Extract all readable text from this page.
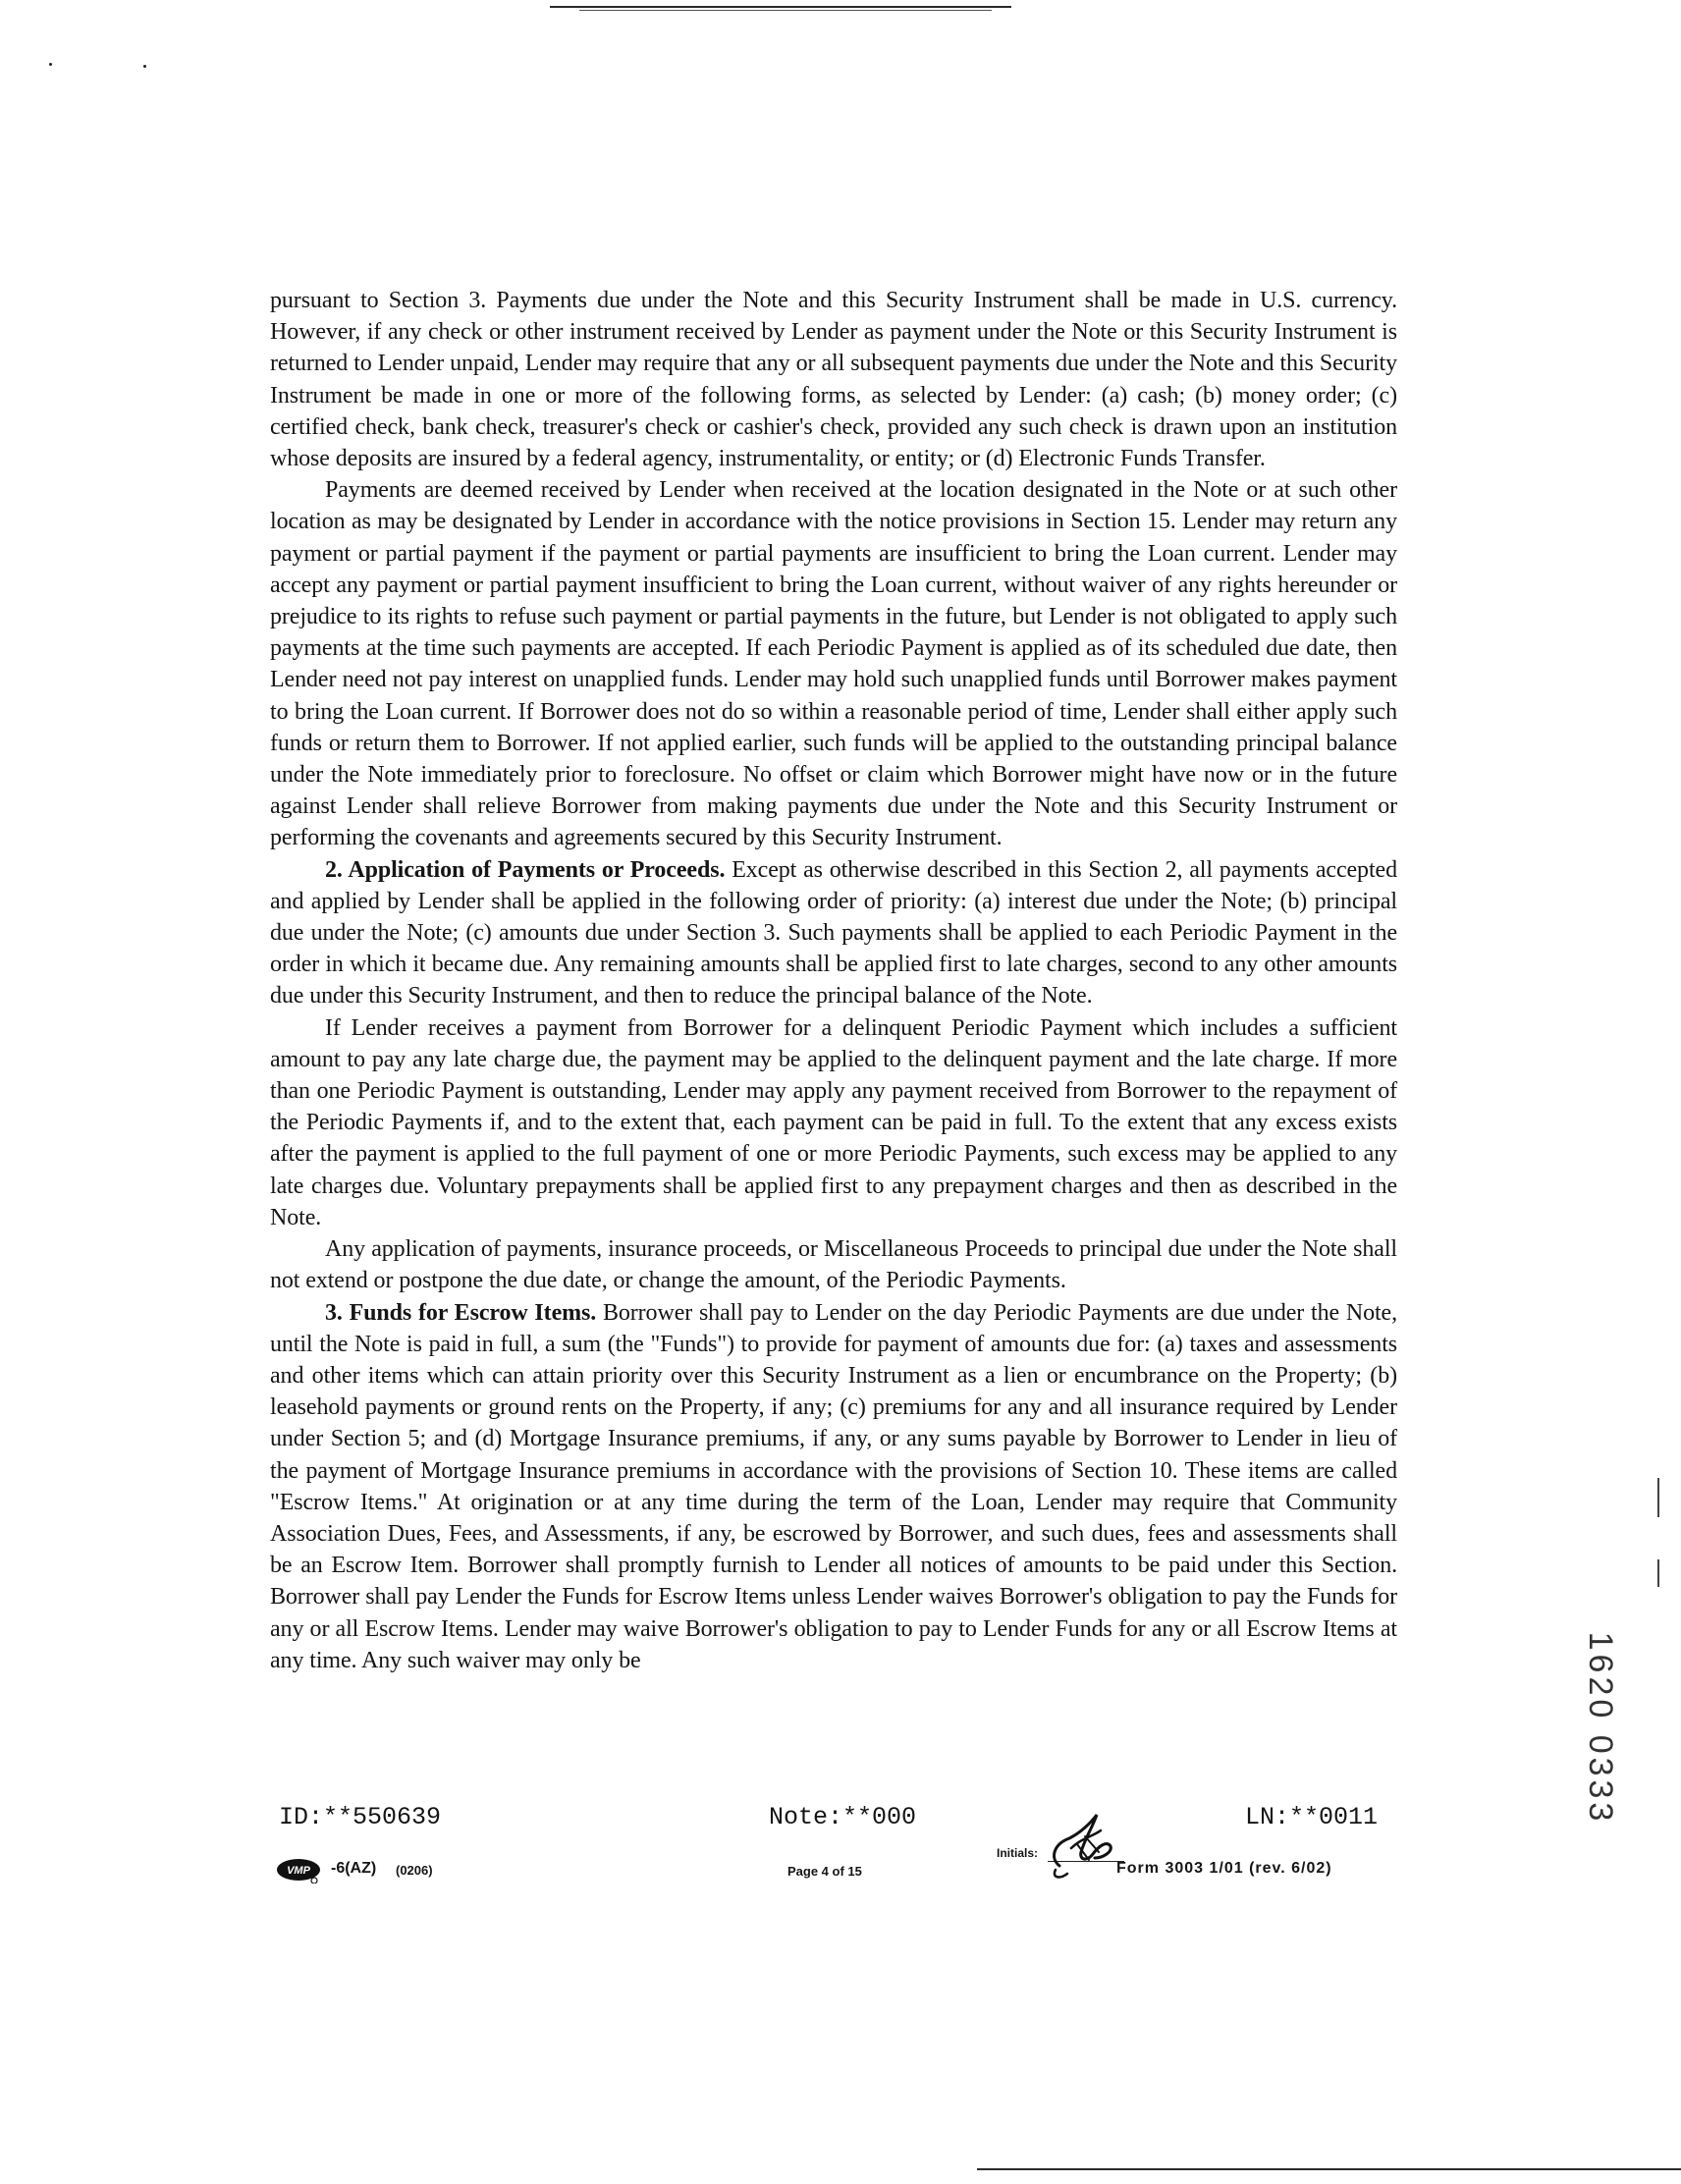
pursuant to Section 3. Payments due under the Note and this Security Instrument shall be made in U.S. currency. However, if any check or other instrument received by Lender as payment under the Note or this Security Instrument is returned to Lender unpaid, Lender may require that any or all subsequent payments due under the Note and this Security Instrument be made in one or more of the following forms, as selected by Lender: (a) cash; (b) money order; (c) certified check, bank check, treasurer's check or cashier's check, provided any such check is drawn upon an institution whose deposits are insured by a federal agency, instrumentality, or entity; or (d) Electronic Funds Transfer.

Payments are deemed received by Lender when received at the location designated in the Note or at such other location as may be designated by Lender in accordance with the notice provisions in Section 15. Lender may return any payment or partial payment if the payment or partial payments are insufficient to bring the Loan current. Lender may accept any payment or partial payment insufficient to bring the Loan current, without waiver of any rights hereunder or prejudice to its rights to refuse such payment or partial payments in the future, but Lender is not obligated to apply such payments at the time such payments are accepted. If each Periodic Payment is applied as of its scheduled due date, then Lender need not pay interest on unapplied funds. Lender may hold such unapplied funds until Borrower makes payment to bring the Loan current. If Borrower does not do so within a reasonable period of time, Lender shall either apply such funds or return them to Borrower. If not applied earlier, such funds will be applied to the outstanding principal balance under the Note immediately prior to foreclosure. No offset or claim which Borrower might have now or in the future against Lender shall relieve Borrower from making payments due under the Note and this Security Instrument or performing the covenants and agreements secured by this Security Instrument.

2. Application of Payments or Proceeds. Except as otherwise described in this Section 2, all payments accepted and applied by Lender shall be applied in the following order of priority: (a) interest due under the Note; (b) principal due under the Note; (c) amounts due under Section 3. Such payments shall be applied to each Periodic Payment in the order in which it became due. Any remaining amounts shall be applied first to late charges, second to any other amounts due under this Security Instrument, and then to reduce the principal balance of the Note.

If Lender receives a payment from Borrower for a delinquent Periodic Payment which includes a sufficient amount to pay any late charge due, the payment may be applied to the delinquent payment and the late charge. If more than one Periodic Payment is outstanding, Lender may apply any payment received from Borrower to the repayment of the Periodic Payments if, and to the extent that, each payment can be paid in full. To the extent that any excess exists after the payment is applied to the full payment of one or more Periodic Payments, such excess may be applied to any late charges due. Voluntary prepayments shall be applied first to any prepayment charges and then as described in the Note.

Any application of payments, insurance proceeds, or Miscellaneous Proceeds to principal due under the Note shall not extend or postpone the due date, or change the amount, of the Periodic Payments.

3. Funds for Escrow Items. Borrower shall pay to Lender on the day Periodic Payments are due under the Note, until the Note is paid in full, a sum (the "Funds") to provide for payment of amounts due for: (a) taxes and assessments and other items which can attain priority over this Security Instrument as a lien or encumbrance on the Property; (b) leasehold payments or ground rents on the Property, if any; (c) premiums for any and all insurance required by Lender under Section 5; and (d) Mortgage Insurance premiums, if any, or any sums payable by Borrower to Lender in lieu of the payment of Mortgage Insurance premiums in accordance with the provisions of Section 10. These items are called "Escrow Items." At origination or at any time during the term of the Loan, Lender may require that Community Association Dues, Fees, and Assessments, if any, be escrowed by Borrower, and such dues, fees and assessments shall be an Escrow Item. Borrower shall promptly furnish to Lender all notices of amounts to be paid under this Section. Borrower shall pay Lender the Funds for Escrow Items unless Lender waives Borrower's obligation to pay the Funds for any or all Escrow Items. Lender may waive Borrower's obligation to pay to Lender Funds for any or all Escrow Items at any time. Any such waiver may only be

ID:**550639	Note:**000	LN:**0011
VMP -6(AZ) (0206)	Page 4 of 15
Initials:
Form 3003 1/01 (rev. 6/02)
1620 0333
